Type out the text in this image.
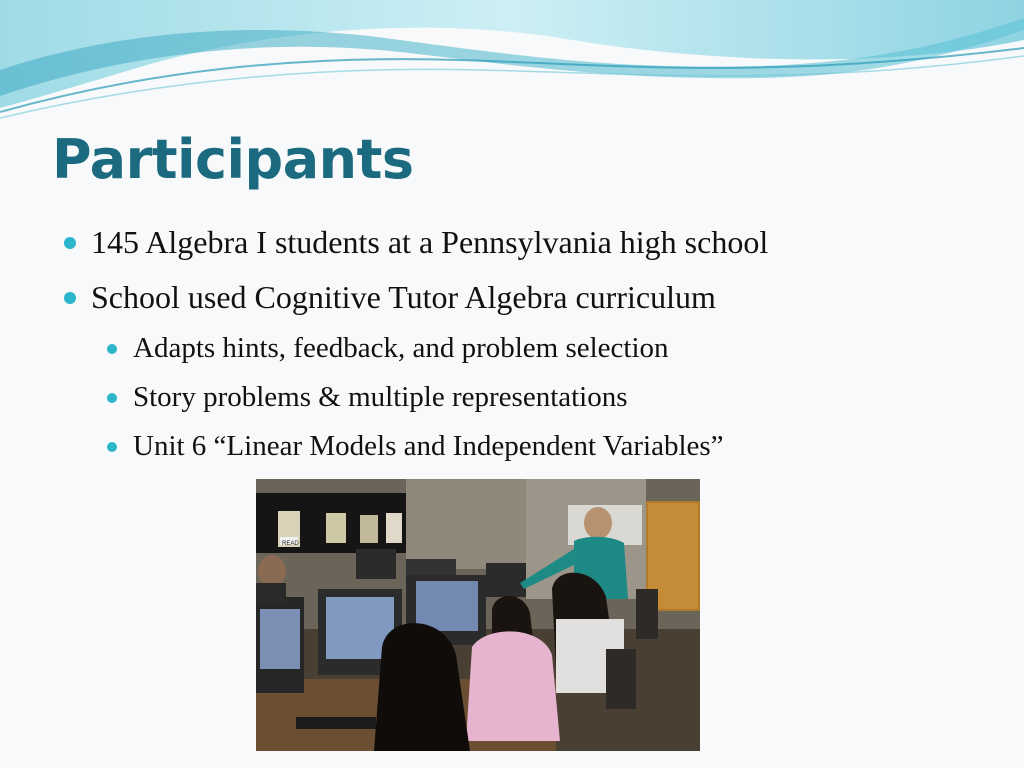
Participants
145 Algebra I students at a Pennsylvania high school
School used Cognitive Tutor Algebra curriculum
Adapts hints, feedback, and problem selection
Story problems & multiple representations
Unit 6 “Linear Models and Independent Variables”
READ
